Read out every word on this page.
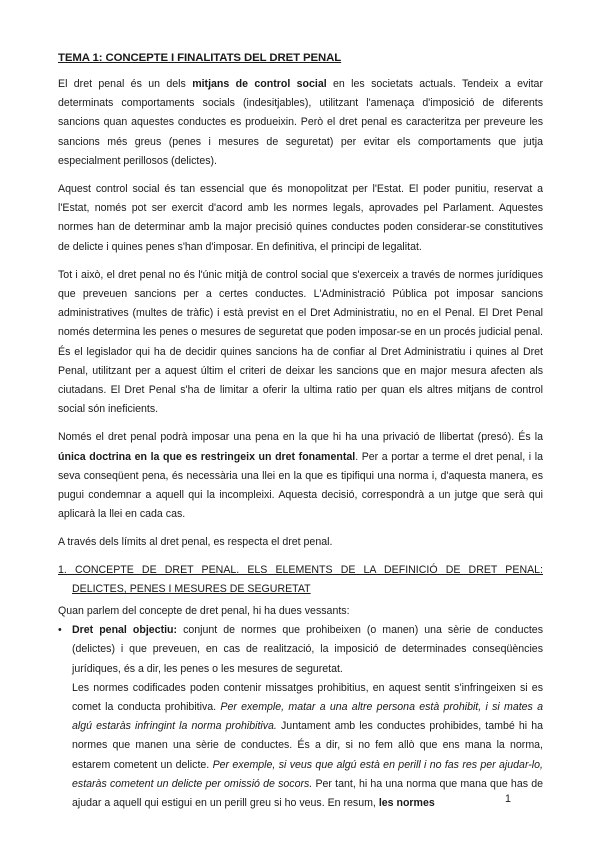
TEMA 1: CONCEPTE I FINALITATS DEL DRET PENAL

El dret penal és un dels mitjans de control social en les societats actuals. Tendeix a evitar determinats comportaments socials (indesitjables), utilitzant l'amenaça d'imposició de diferents sancions quan aquestes conductes es produeixin. Però el dret penal es caracteritza per preveure les sancions més greus (penes i mesures de seguretat) per evitar els comportaments que jutja especialment perillosos (delictes).

Aquest control social és tan essencial que és monopolitzat per l'Estat. El poder punitiu, reservat a l'Estat, només pot ser exercit d'acord amb les normes legals, aprovades pel Parlament. Aquestes normes han de determinar amb la major precisió quines conductes poden considerar-se constitutives de delicte i quines penes s'han d'imposar. En definitiva, el principi de legalitat.

Tot i això, el dret penal no és l'únic mitjà de control social que s'exerceix a través de normes jurídiques que preveuen sancions per a certes conductes. L'Administració Pública pot imposar sancions administratives (multes de tràfic) i està previst en el Dret Administratiu, no en el Penal. El Dret Penal només determina les penes o mesures de seguretat que poden imposar-se en un procés judicial penal. És el legislador qui ha de decidir quines sancions ha de confiar al Dret Administratiu i quines al Dret Penal, utilitzant per a aquest últim el criteri de deixar les sancions que en major mesura afecten als ciutadans. El Dret Penal s'ha de limitar a oferir la ultima ratio per quan els altres mitjans de control social són ineficients.

Només el dret penal podrà imposar una pena en la que hi ha una privació de llibertat (presó). És la única doctrina en la que es restringeix un dret fonamental. Per a portar a terme el dret penal, i la seva conseqüent pena, és necessària una llei en la que es tipifiqui una norma i, d'aquesta manera, es pugui condemnar a aquell qui la incompleixi. Aquesta decisió, correspondrà a un jutge que serà qui aplicarà la llei en cada cas.

A través dels límits al dret penal, es respecta el dret penal.

1. CONCEPTE DE DRET PENAL. ELS ELEMENTS DE LA DEFINICIÓ DE DRET PENAL:
DELICTES, PENES I MESURES DE SEGURETAT
Quan parlem del concepte de dret penal, hi ha dues vessants:
• Dret penal objectiu: conjunt de normes que prohibeixen (o manen) una sèrie de conductes (delictes) i que preveuen, en cas de realització, la imposició de determinades conseqüències jurídiques, és a dir, les penes o les mesures de seguretat.

Les normes codificades poden contenir missatges prohibitius, en aquest sentit s'infringeixen si es comet la conducta prohibitiva. Per exemple, matar a una altre persona està prohibit, i si mates a algú estaràs infringint la norma prohibitiva. Juntament amb les conductes prohibides, també hi ha normes que manen una sèrie de conductes. És a dir, si no fem allò que ens mana la norma, estarem cometent un delicte. Per exemple, si veus que algú està en perill i no fas res per ajudar-lo, estaràs cometent un delicte per omissió de socors. Per tant, hi ha una norma que mana que has de ajudar a aquell qui estigui en un perill greu si ho veus. En resum, les normes	1
